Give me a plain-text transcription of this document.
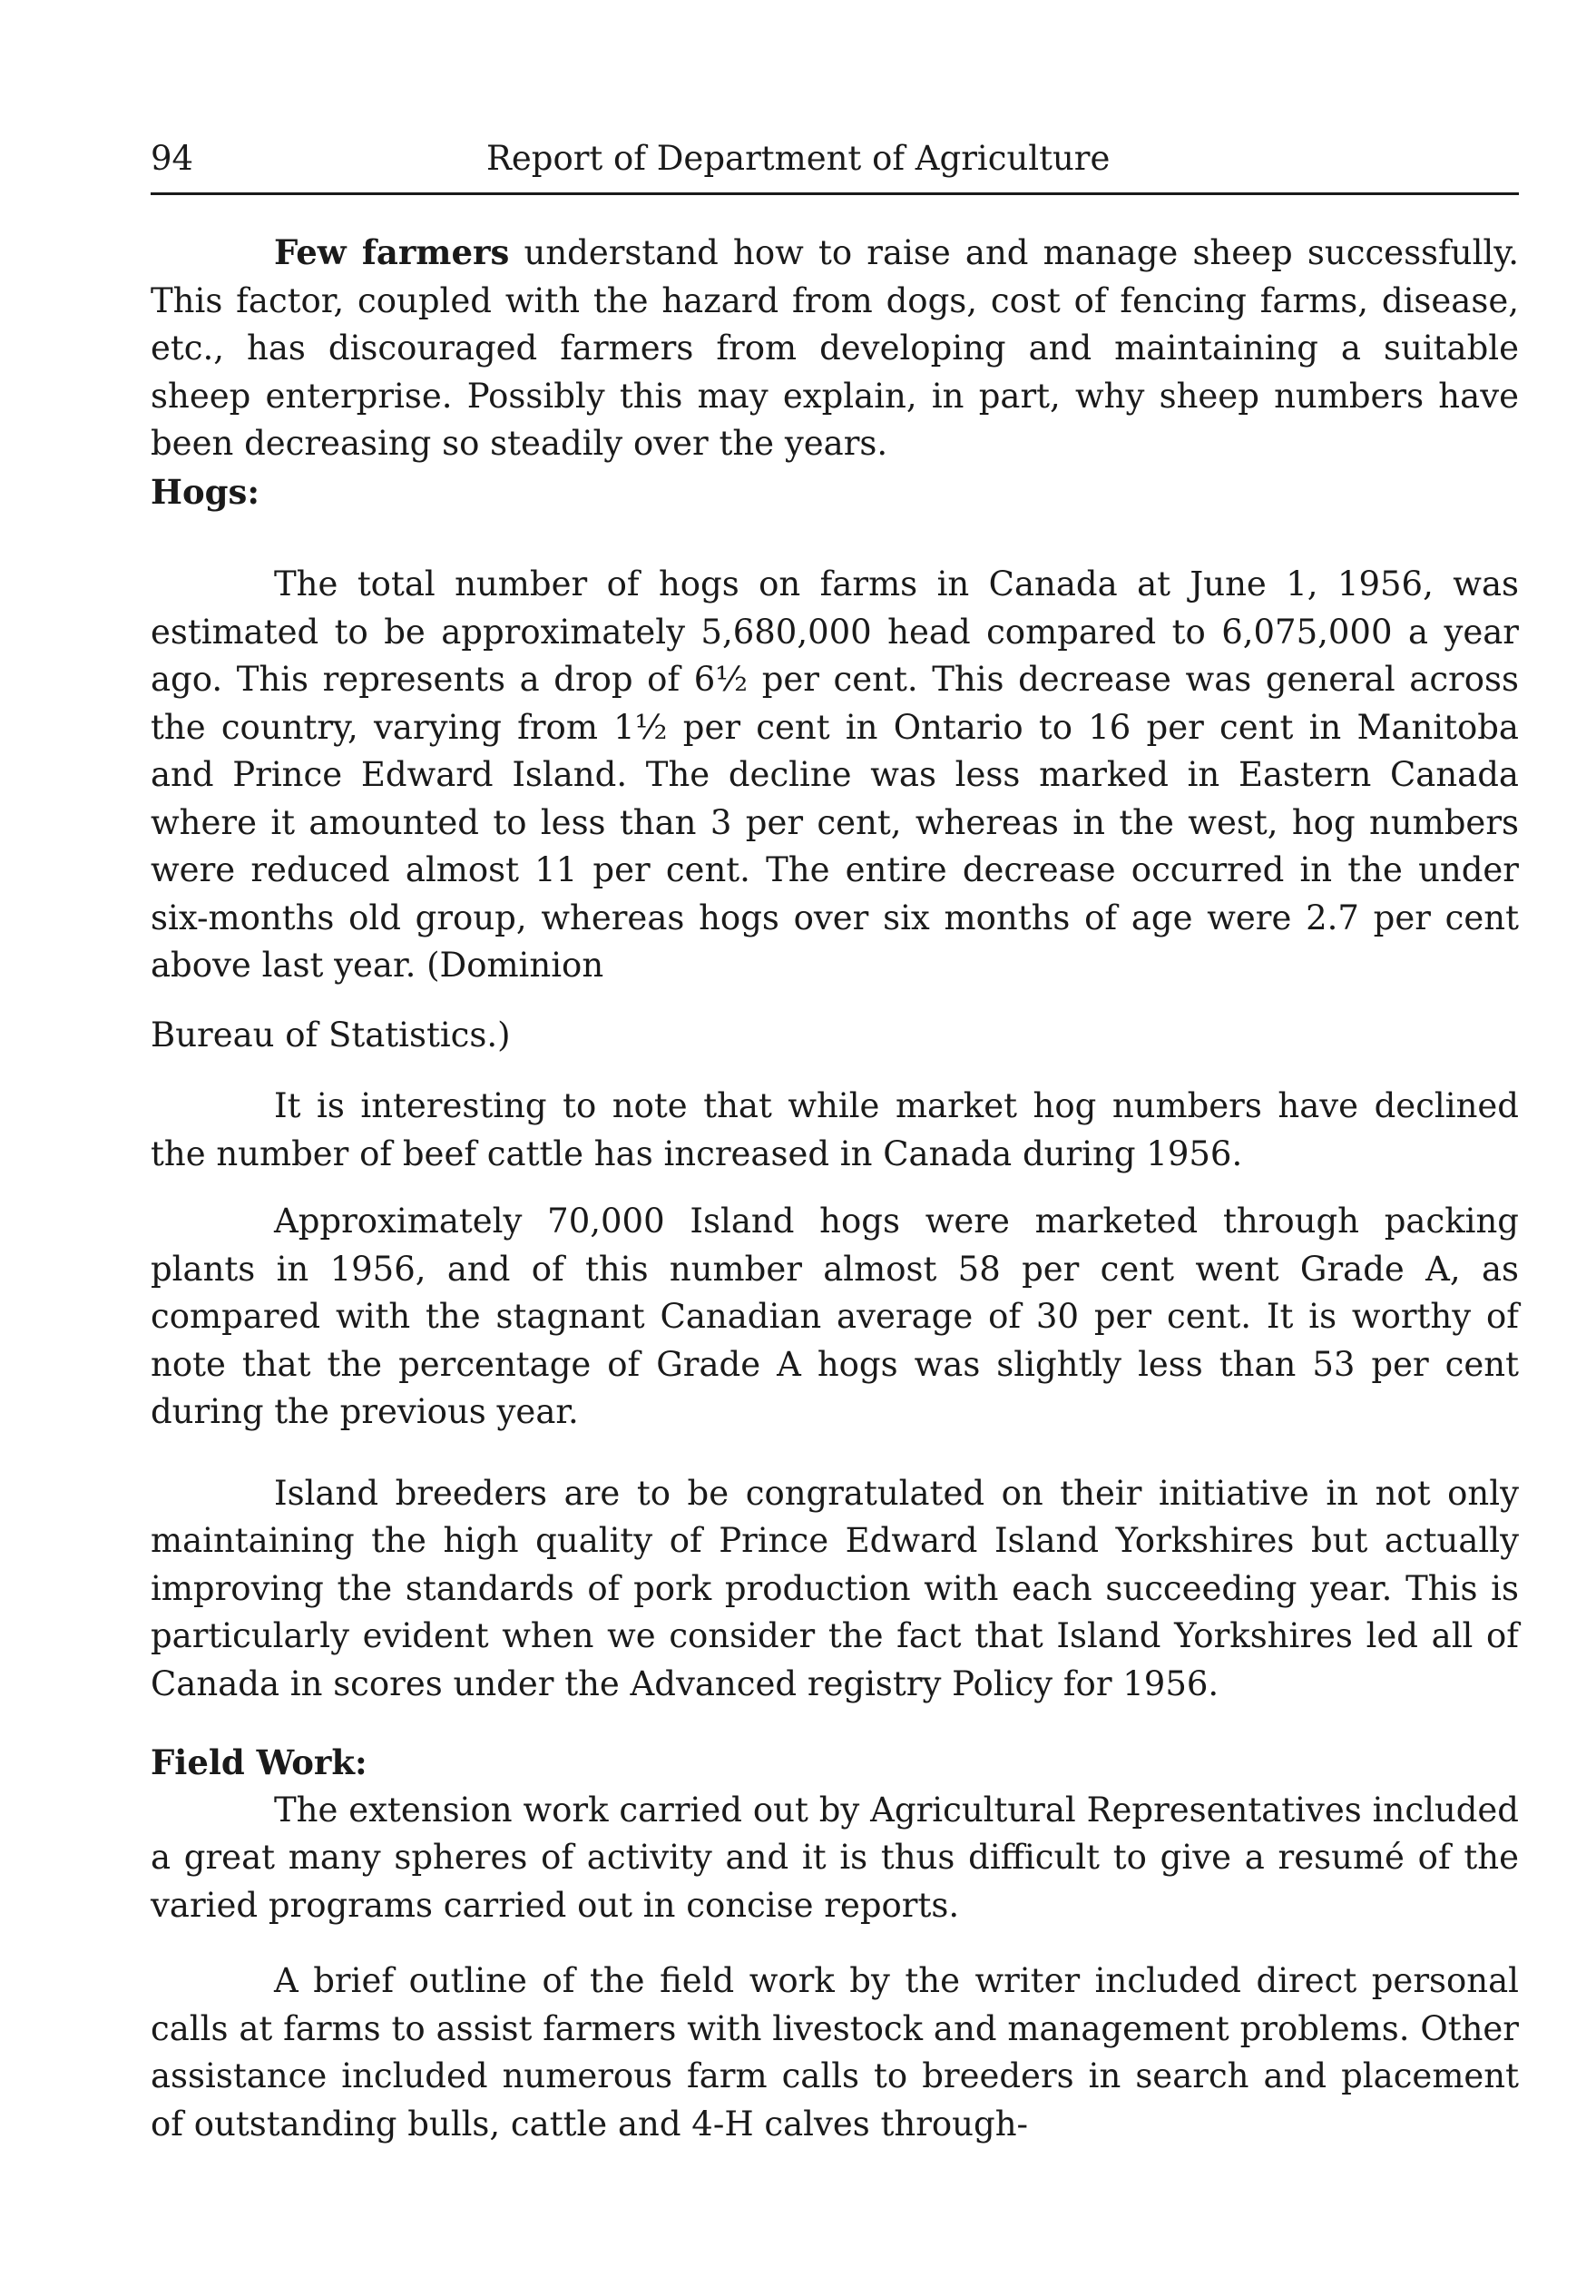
94	Report of Department of Agriculture

Few farmers understand how to raise and manage sheep successfully. This factor, coupled with the hazard from dogs, cost of fencing farms, disease, etc., has discouraged farmers from developing and maintaining a suitable sheep enterprise. Possibly this may explain, in part, why sheep numbers have been decreasing so steadily over the years.

Hogs:

The total number of hogs on farms in Canada at June 1, 1956, was estimated to be approximately 5,680,000 head compared to 6,075,000 a year ago. This represents a drop of 6½ per cent. This decrease was general across the country, varying from 1½ per cent in Ontario to 16 per cent in Manitoba and Prince Edward Island. The decline was less marked in Eastern Canada where it amounted to less than 3 per cent, whereas in the west, hog numbers were reduced almost 11 per cent. The entire decrease occurred in the under six-months old group, whereas hogs over six months of age were 2.7 per cent above last year. (Dominion

Bureau of Statistics.)

It is interesting to note that while market hog numbers have declined the number of beef cattle has increased in Canada during 1956.

Approximately 70,000 Island hogs were marketed through packing plants in 1956, and of this number almost 58 per cent went Grade A, as compared with the stagnant Canadian average of 30 per cent. It is worthy of note that the percentage of Grade A hogs was slightly less than 53 per cent during the previous year.

Island breeders are to be congratulated on their initiative in not only maintaining the high quality of Prince Edward Island Yorkshires but actually improving the standards of pork production with each succeeding year. This is particularly evident when we consider the fact that Island Yorkshires led all of Canada in scores under the Advanced registry Policy for 1956.

Field Work:

The extension work carried out by Agricultural Representatives included a great many spheres of activity and it is thus difficult to give a resumé of the varied programs carried out in concise reports.

A brief outline of the field work by the writer included direct personal calls at farms to assist farmers with livestock and management problems. Other assistance included numerous farm calls to breeders in search and placement of outstanding bulls, cattle and 4-H calves through-
